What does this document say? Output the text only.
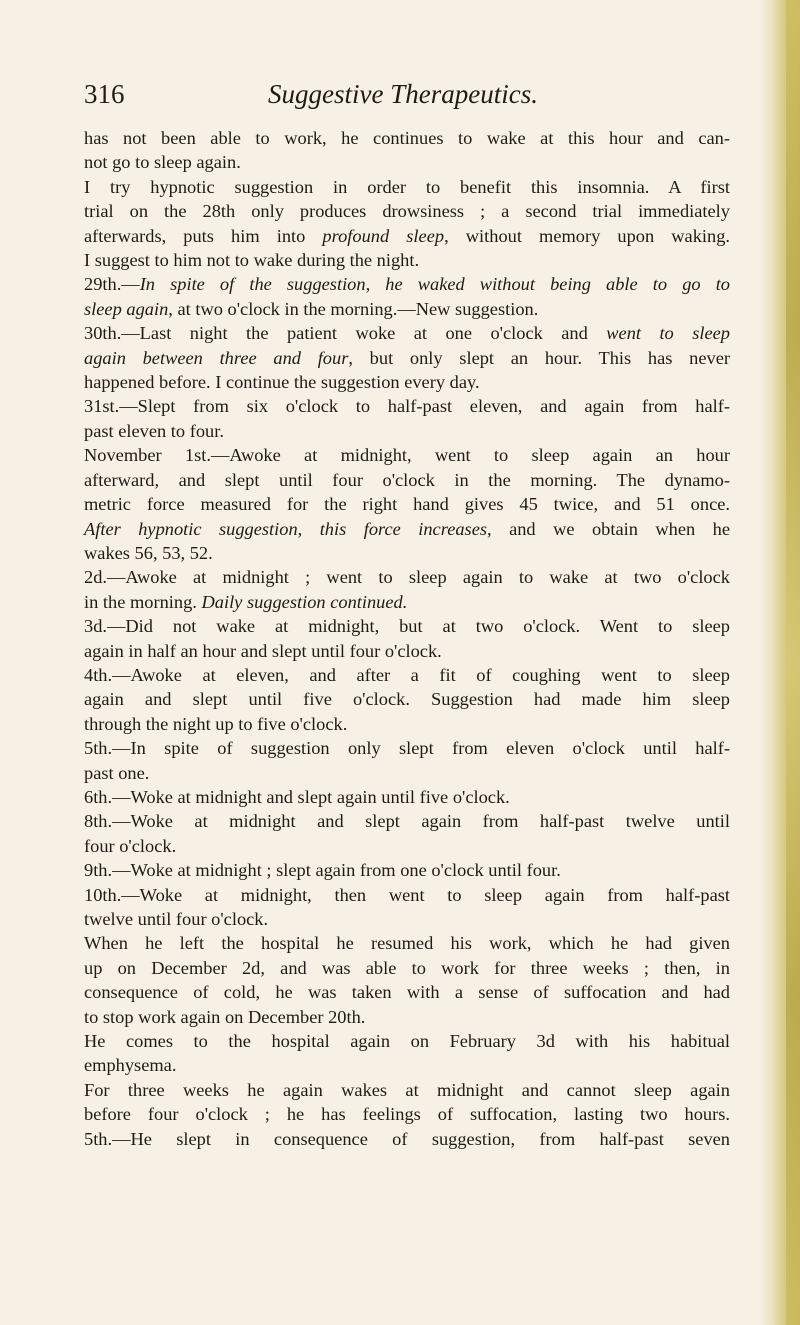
316	Suggestive Therapeutics.
has not been able to work, he continues to wake at this hour and can-
not go to sleep again.
I try hypnotic suggestion in order to benefit this insomnia. A first
trial on the 28th only produces drowsiness ; a second trial immediately
afterwards, puts him into profound sleep, without memory upon waking.
I suggest to him not to wake during the night.
29th.—In spite of the suggestion, he waked without being able to go to
sleep again, at two o'clock in the morning.—New suggestion.
30th.—Last night the patient woke at one o'clock and went to sleep
again between three and four, but only slept an hour. This has never
happened before. I continue the suggestion every day.
31st.—Slept from six o'clock to half-past eleven, and again from half-
past eleven to four.
November 1st.—Awoke at midnight, went to sleep again an hour
afterward, and slept until four o'clock in the morning. The dynamo-
metric force measured for the right hand gives 45 twice, and 51 once.
After hypnotic suggestion, this force increases, and we obtain when he
wakes 56, 53, 52.
2d.—Awoke at midnight ; went to sleep again to wake at two o'clock
in the morning. Daily suggestion continued.
3d.—Did not wake at midnight, but at two o'clock. Went to sleep
again in half an hour and slept until four o'clock.
4th.—Awoke at eleven, and after a fit of coughing went to sleep
again and slept until five o'clock. Suggestion had made him sleep
through the night up to five o'clock.
5th.—In spite of suggestion only slept from eleven o'clock until half-
past one.
6th.—Woke at midnight and slept again until five o'clock.
8th.—Woke at midnight and slept again from half-past twelve until
four o'clock.
9th.—Woke at midnight ; slept again from one o'clock until four.
10th.—Woke at midnight, then went to sleep again from half-past
twelve until four o'clock.
When he left the hospital he resumed his work, which he had given
up on December 2d, and was able to work for three weeks ; then, in
consequence of cold, he was taken with a sense of suffocation and had
to stop work again on December 20th.
He comes to the hospital again on February 3d with his habitual
emphysema.
For three weeks he again wakes at midnight and cannot sleep again
before four o'clock ; he has feelings of suffocation, lasting two hours.
5th.—He slept in consequence of suggestion, from half-past seven
